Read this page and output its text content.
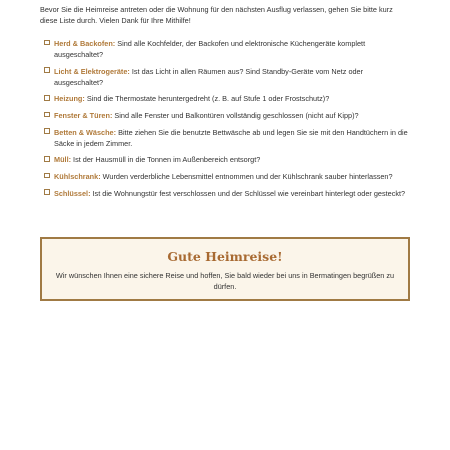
Bevor Sie die Heimreise antreten oder die Wohnung für den nächsten Ausflug verlassen, gehen Sie bitte kurz diese Liste durch. Vielen Dank für Ihre Mithilfe!

Herd & Backofen: Sind alle Kochfelder, der Backofen und elektronische Küchengeräte komplett ausgeschaltet?
Licht & Elektrogeräte: Ist das Licht in allen Räumen aus? Sind Standby-Geräte vom Netz oder ausgeschaltet?
Heizung: Sind die Thermostate heruntergedreht (z. B. auf Stufe 1 oder Frostschutz)?
Fenster & Türen: Sind alle Fenster und Balkontüren vollständig geschlossen (nicht auf Kipp)?
Betten & Wäsche: Bitte ziehen Sie die benutzte Bettwäsche ab und legen Sie sie mit den Handtüchern in die Säcke in jedem Zimmer.
Müll: Ist der Hausmüll in die Tonnen im Außenbereich entsorgt?
Kühlschrank: Wurden verderbliche Lebensmittel entnommen und der Kühlschrank sauber hinterlassen?
Schlüssel: Ist die Wohnungstür fest verschlossen und der Schlüssel wie vereinbart hinterlegt oder gesteckt?
Gute Heimreise!
Wir wünschen Ihnen eine sichere Reise und hoffen, Sie bald wieder bei uns in Bermatingen begrüßen zu dürfen.
